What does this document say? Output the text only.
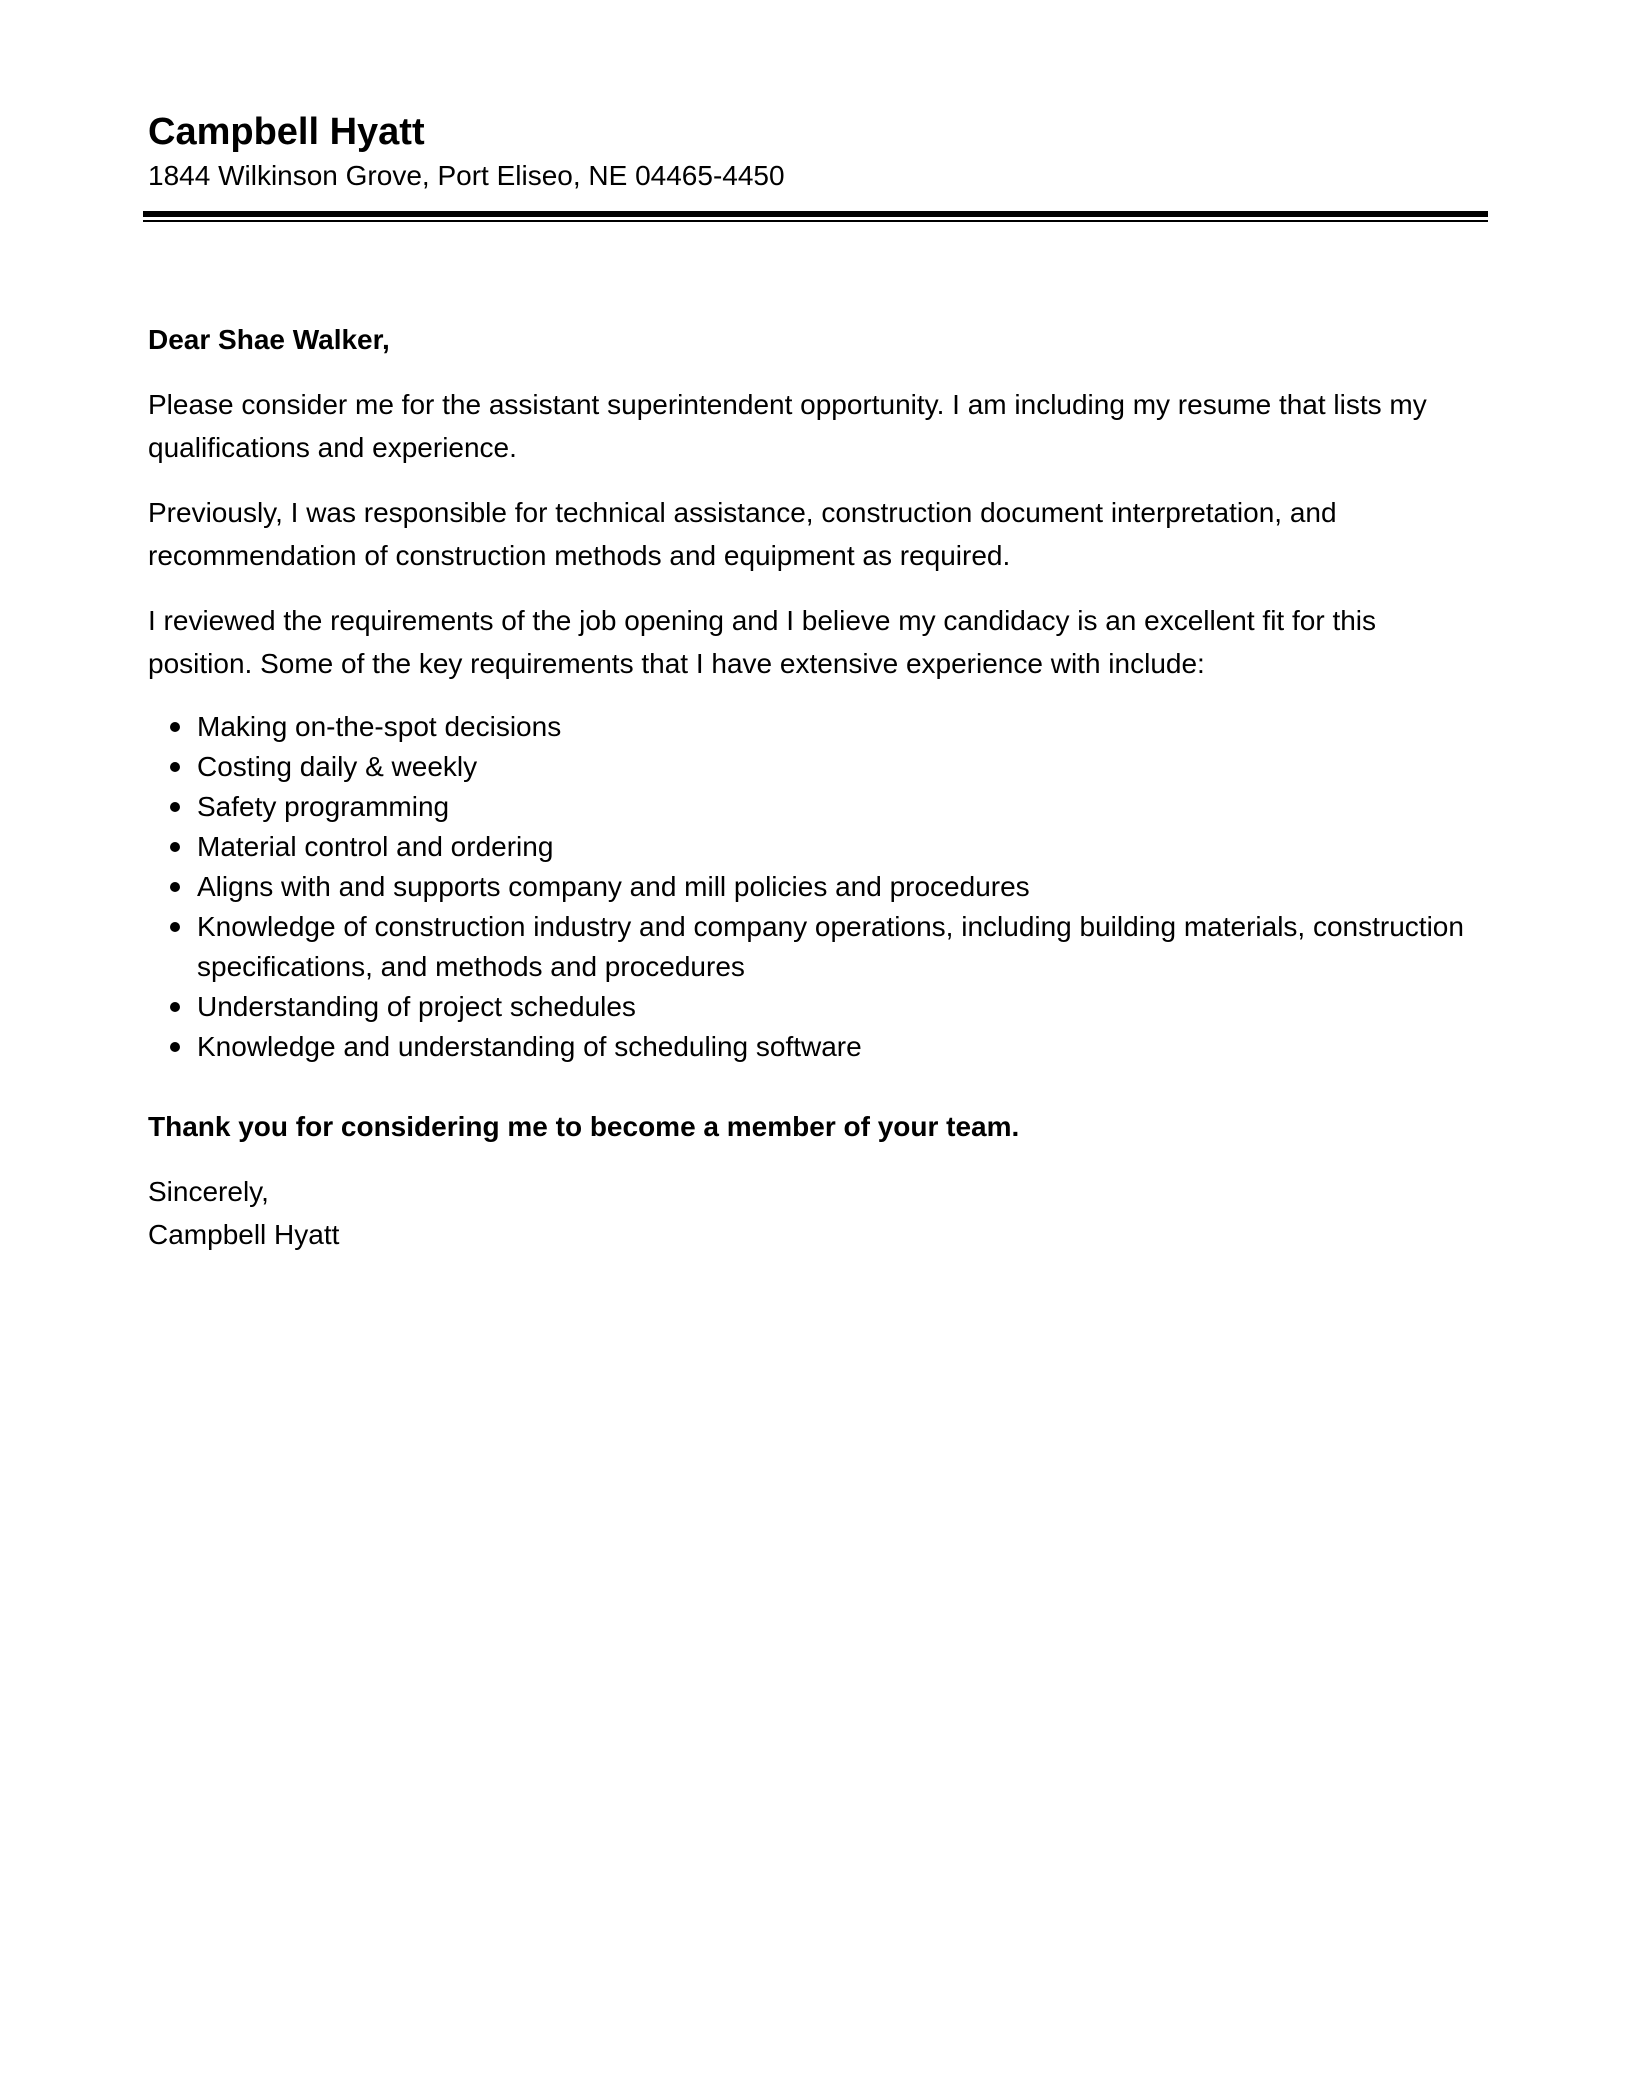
Campbell Hyatt

1844 Wilkinson Grove, Port Eliseo, NE 04465-4450

Dear Shae Walker,

Please consider me for the assistant superintendent opportunity. I am including my resume that lists my qualifications and experience.

Previously, I was responsible for technical assistance, construction document interpretation, and recommendation of construction methods and equipment as required.

I reviewed the requirements of the job opening and I believe my candidacy is an excellent fit for this position. Some of the key requirements that I have extensive experience with include:

Making on-the-spot decisions
Costing daily & weekly
Safety programming
Material control and ordering
Aligns with and supports company and mill policies and procedures
Knowledge of construction industry and company operations, including building materials, construction specifications, and methods and procedures
Understanding of project schedules
Knowledge and understanding of scheduling software

Thank you for considering me to become a member of your team.

Sincerely,

Campbell Hyatt
